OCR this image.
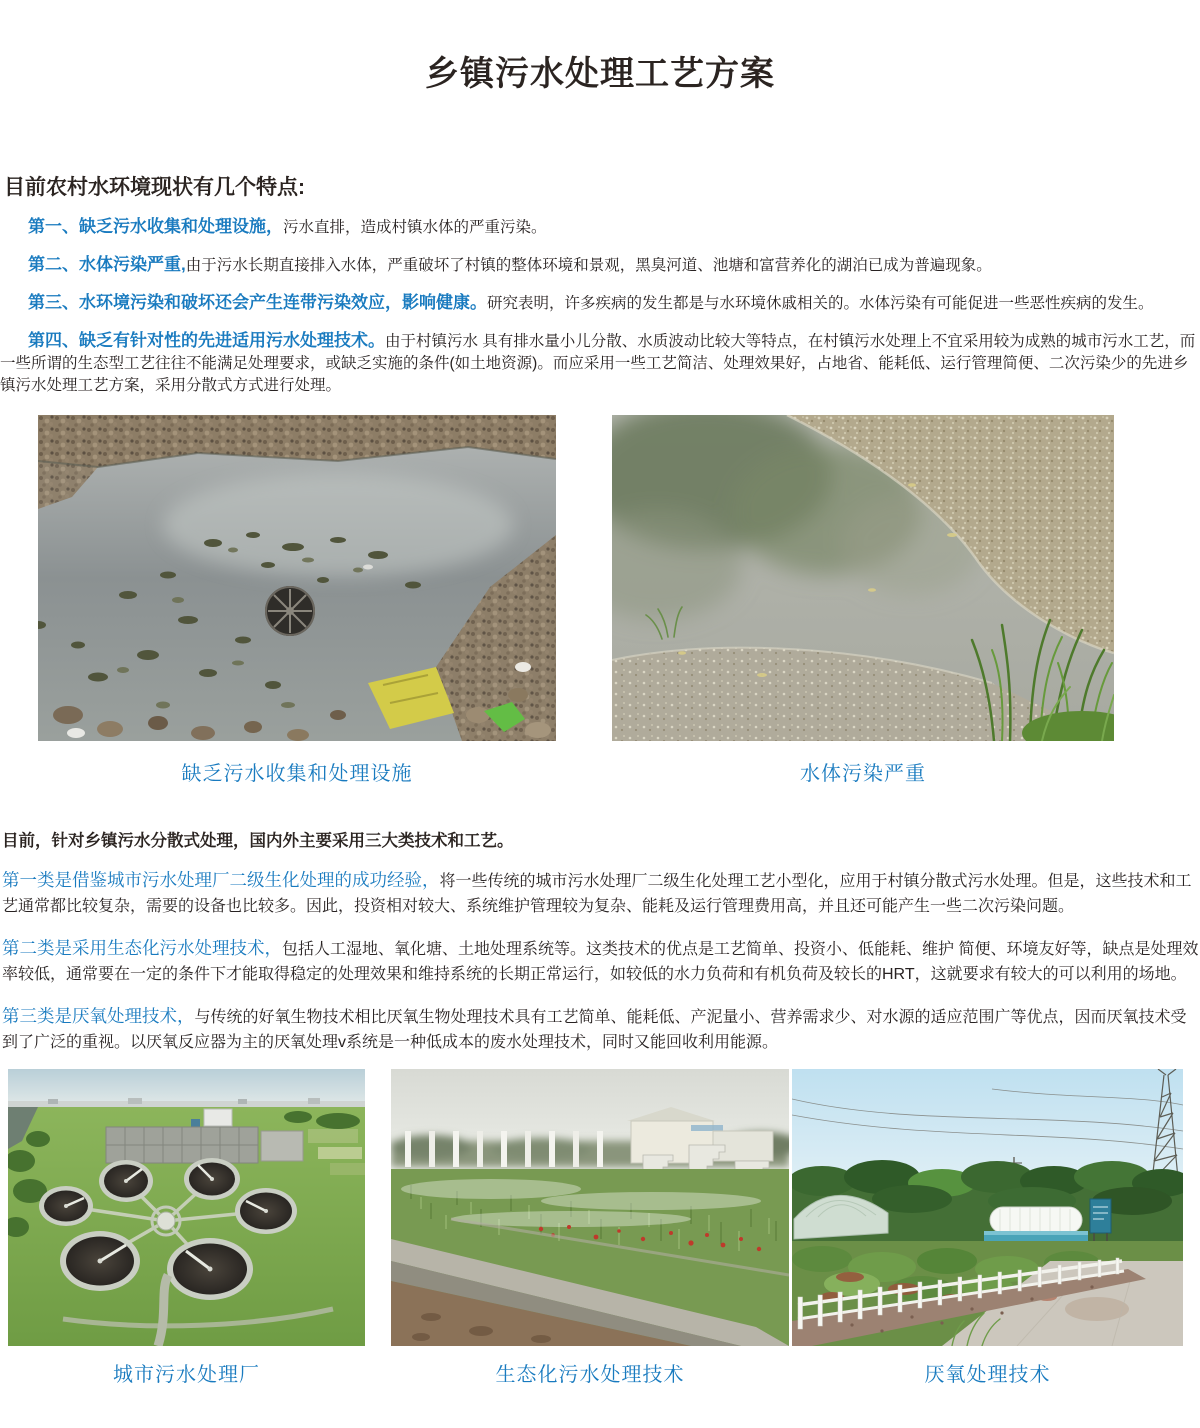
乡镇污水处理工艺方案
目前农村水环境现状有几个特点:

第一、缺乏污水收集和处理设施，污水直排，造成村镇水体的严重污染。

第二、水体污染严重,由于污水长期直接排入水体，严重破坏了村镇的整体环境和景观，黑臭河道、池塘和富营养化的湖泊已成为普遍现象。

第三、水环境污染和破坏还会产生连带污染效应，影响健康。研究表明，许多疾病的发生都是与水环境休戚相关的。水体污染有可能促进一些恶性疾病的发生。

第四、缺乏有针对性的先进适用污水处理技术。由于村镇污水 具有排水量小儿分散、水质波动比较大等特点，在村镇污水处理上不宜采用较为成熟的城市污水工艺，而一些所谓的生态型工艺往往不能满足处理要求，或缺乏实施的条件(如土地资源)。而应采用一些工艺简洁、处理效果好，占地省、能耗低、运行管理简便、二次污染少的先进乡镇污水处理工艺方案，采用分散式方式进行处理。

缺乏污水收集和处理设施	水体污染严重
目前，针对乡镇污水分散式处理，国内外主要采用三大类技术和工艺。

第一类是借鉴城市污水处理厂二级生化处理的成功经验，将一些传统的城市污水处理厂二级生化处理工艺小型化，应用于村镇分散式污水处理。但是，这些技术和工艺通常都比较复杂，需要的设备也比较多。因此，投资相对较大、系统维护管理较为复杂、能耗及运行管理费用高，并且还可能产生一些二次污染问题。

第二类是采用生态化污水处理技术，包括人工湿地、氧化塘、土地处理系统等。这类技术的优点是工艺简单、投资小、低能耗、维护 简便、环境友好等，缺点是处理效率较低，通常要在一定的条件下才能取得稳定的处理效果和维持系统的长期正常运行，如较低的水力负荷和有机负荷及较长的HRT，这就要求有较大的可以利用的场地。

第三类是厌氧处理技术，与传统的好氧生物技术相比厌氧生物处理技术具有工艺简单、能耗低、产泥量小、营养需求少、对水源的适应范围广等优点，因而厌氧技术受到了广泛的重视。以厌氧反应器为主的厌氧处理v系统是一种低成本的废水处理技术，同时又能回收利用能源。

城市污水处理厂	生态化污水处理技术	厌氧处理技术
